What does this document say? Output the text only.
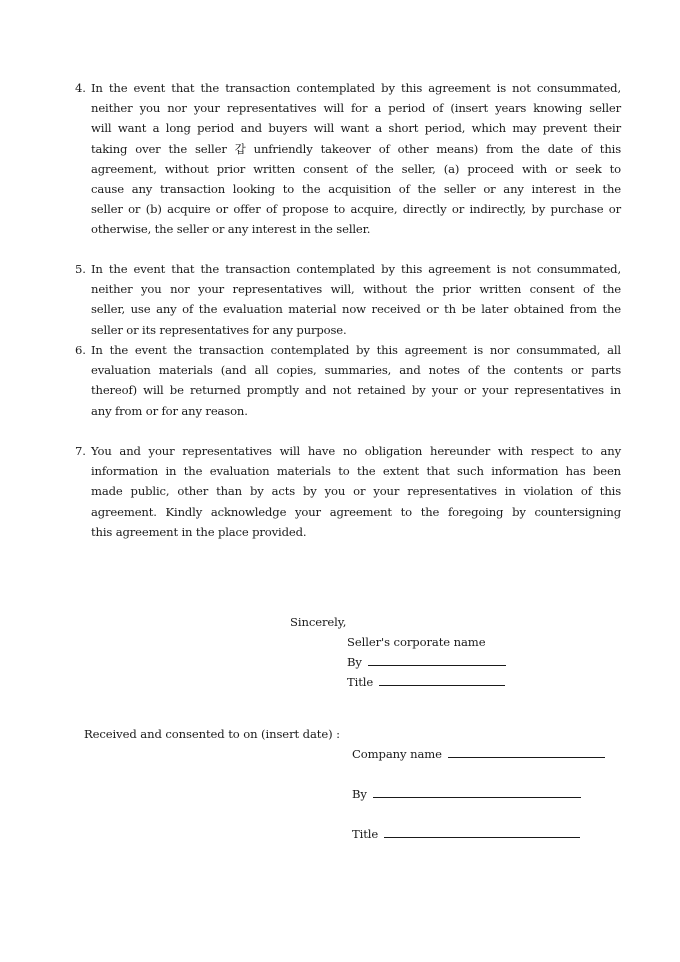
4. In the event that the transaction contemplated by this agreement is not consummated,
neither you nor your representatives will for a period of (insert years knowing seller
will want a long period and buyers will want a short period, which may prevent their
taking over the seller 갑 unfriendly takeover of other means) from the date of this
agreement, without prior written consent of the seller, (a) proceed with or seek to
cause any transaction looking to the acquisition of the seller or any interest in the
seller or (b) acquire or offer of propose to acquire, directly or indirectly, by purchase or
otherwise, the seller or any interest in the seller.
5. In the event that the transaction contemplated by this agreement is not consummated,
neither you nor your representatives will, without the prior written consent of the
seller, use any of the evaluation material now received or th be later obtained from the
seller or its representatives for any purpose.
6. In the event the transaction contemplated by this agreement is nor consummated, all
evaluation materials (and all copies, summaries, and notes of the contents or parts
thereof) will be returned promptly and not retained by your or your representatives in
any from or for any reason.
7. You and your representatives will have no obligation hereunder with respect to any
information in the evaluation materials to the extent that such information has been
made public, other than by acts by you or your representatives in violation of this
agreement. Kindly acknowledge your agreement to the foregoing by countersigning
this agreement in the place provided.
Sincerely,
Seller's corporate name
By
Title
Received and consented to on (insert date) :
Company name
By
Title
